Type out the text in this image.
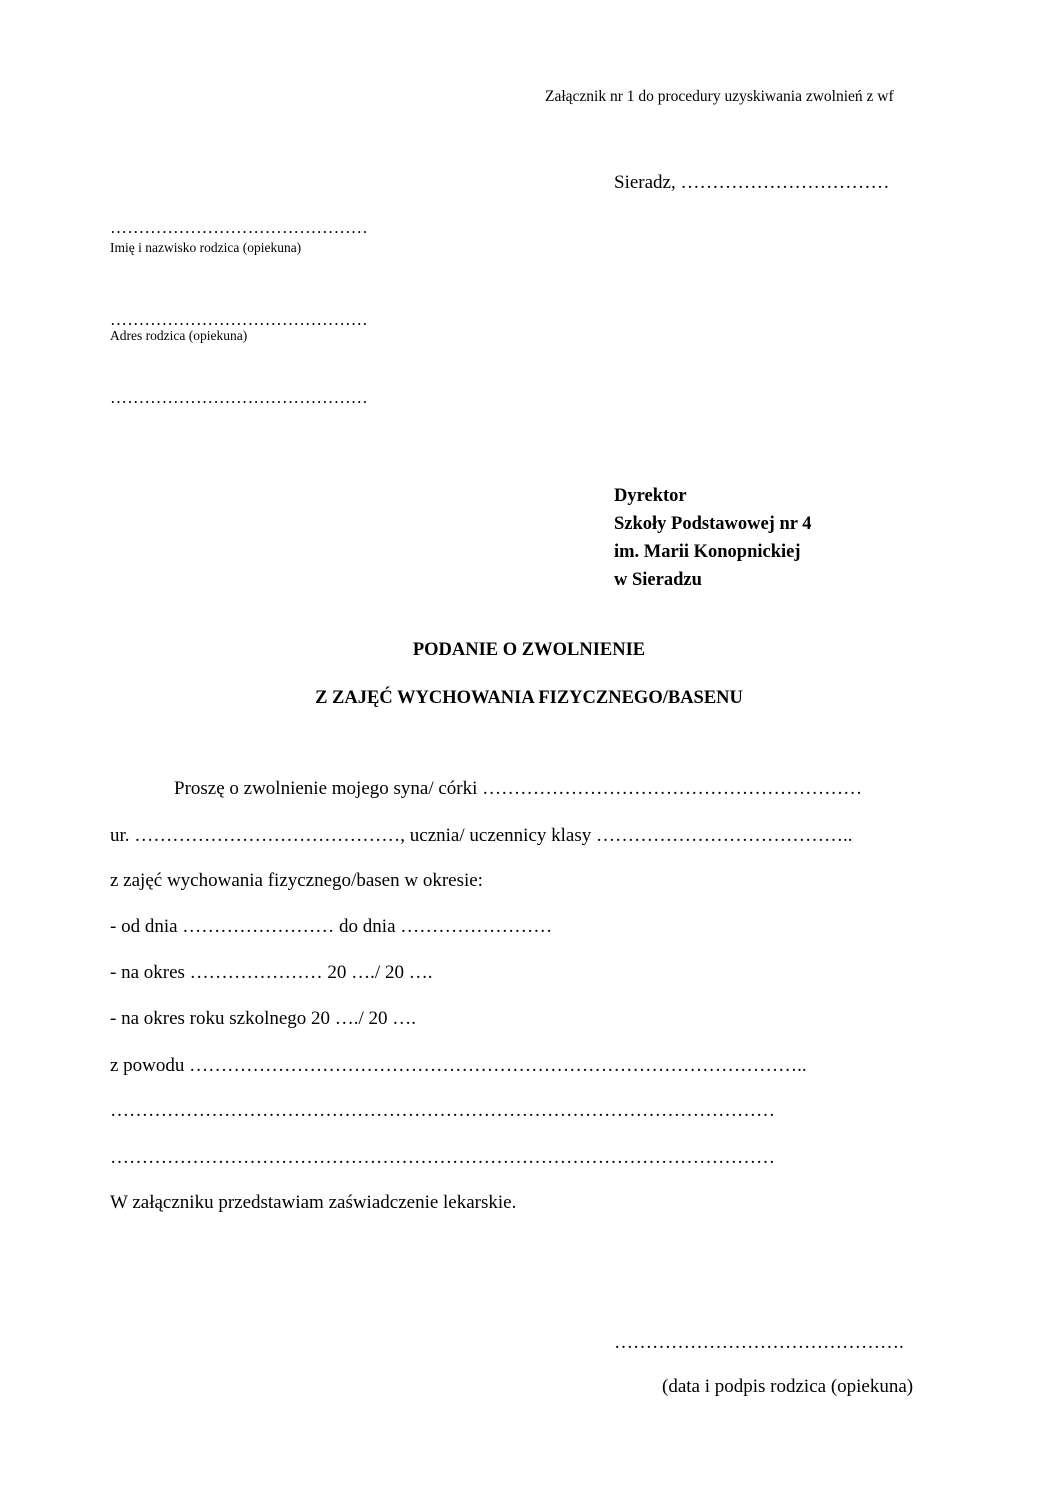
Załącznik nr 1 do procedury uzyskiwania zwolnień z wf
Sieradz, ……………………………
………………………………………
Imię i nazwisko rodzica (opiekuna)
………………………………………
Adres rodzica (opiekuna)
………………………………………
Dyrektor
Szkoły Podstawowej nr 4
im. Marii Konopnickiej
w Sieradzu
PODANIE O ZWOLNIENIE
Z ZAJĘĆ WYCHOWANIA FIZYCZNEGO/BASENU
Proszę o zwolnienie mojego syna/ córki ……………………………………………………
ur. ……………………………………, ucznia/ uczennicy klasy …………………………………..
z zajęć wychowania fizycznego/basen w okresie:
- od dnia …………………… do dnia ……………………
- na okres ………………… 20 …./ 20 ….
- na okres roku szkolnego 20 …./ 20 ….
z powodu ……………………………………………………………………………………..
……………………………………………………………………………………………
……………………………………………………………………………………………
W załączniku przedstawiam zaświadczenie lekarskie.
……………………………………….
(data i podpis rodzica (opiekuna)
